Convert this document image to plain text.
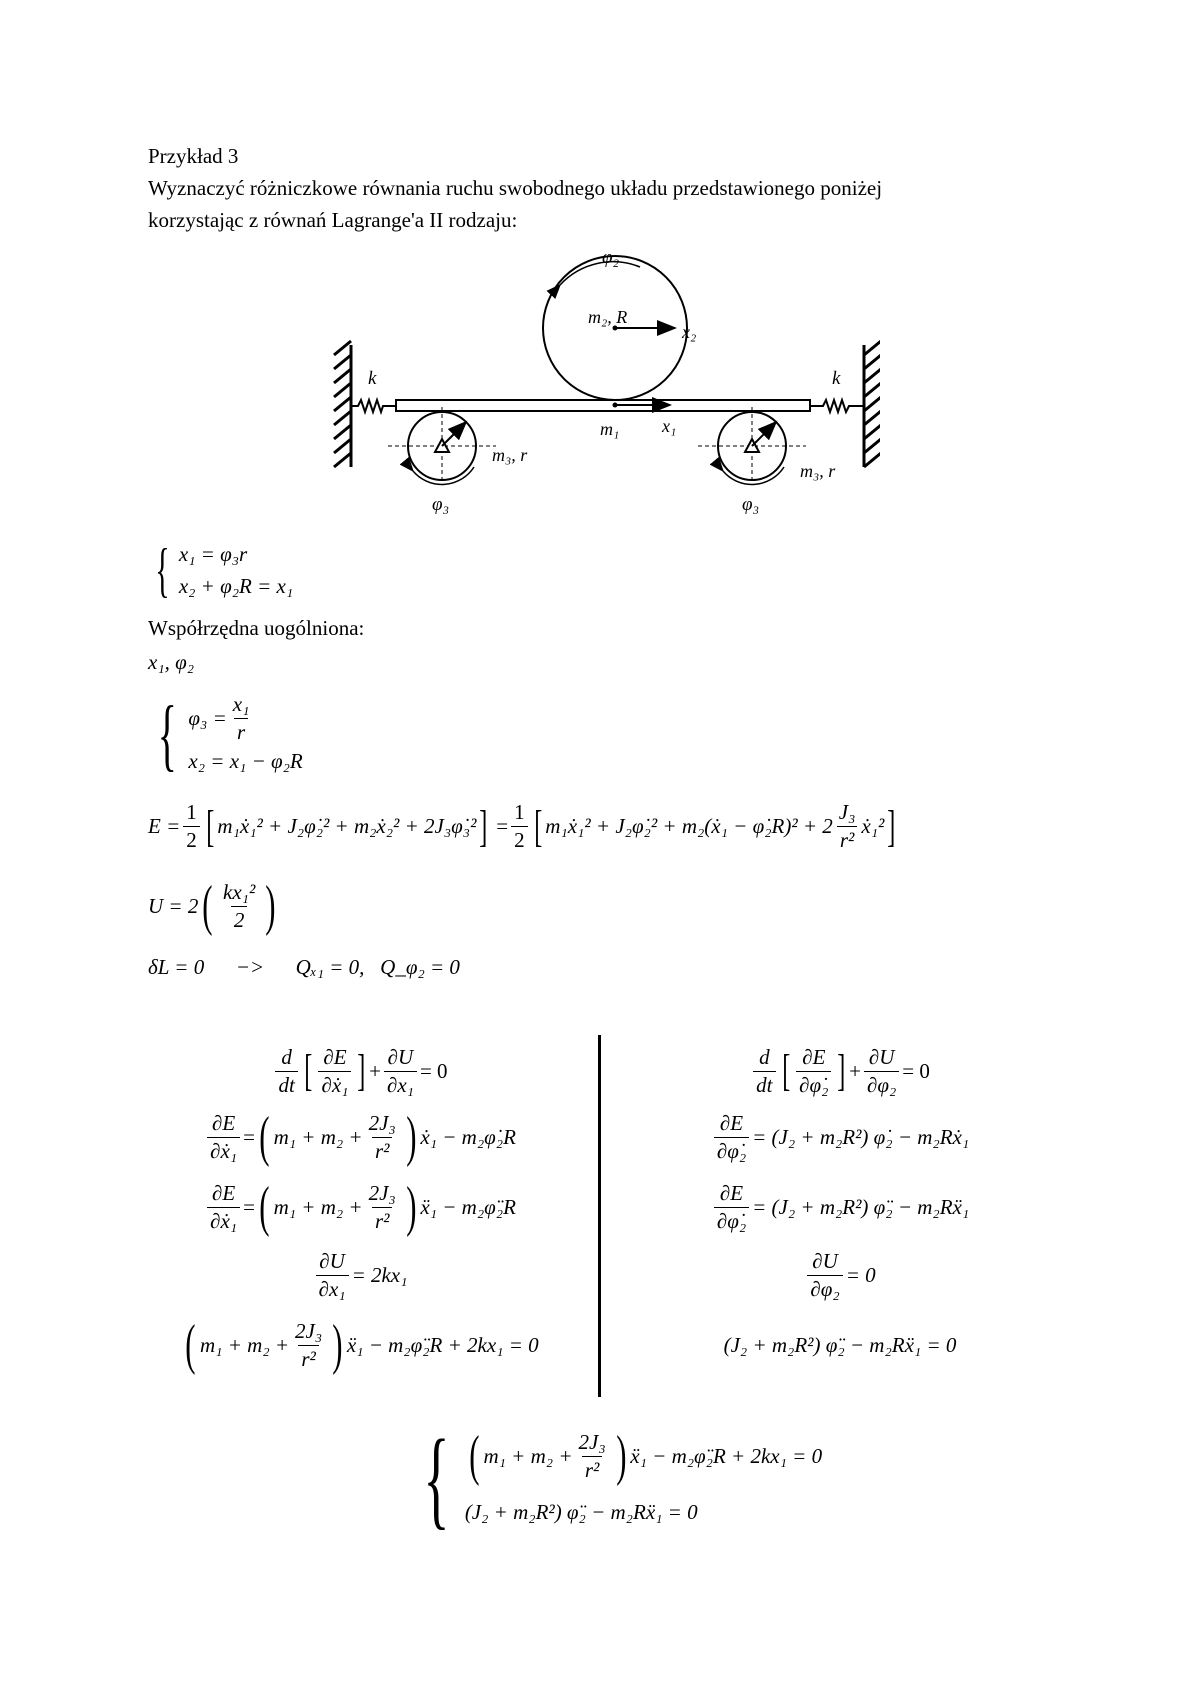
Przykład 3
Wyznaczyć różniczkowe równania ruchu swobodnego układu przedstawionego poniżej
korzystając z równań Lagrange'a II rodzaju:
φ₂
m₂, R
x₂
k	k
m₁ x₁
m₃, r
m₃, r
φ₃	φ₃
{ x₁ = φ₃r
x₂ + φ₂R = x₁
Współrzędna uogólniona:
x₁, φ₂
{ $\varphi_3 = \frac{\text{x₁}}{r}$
x₂ = x₁ − φ₂R
$E = \frac{1}{2}$ [ m₁ẋ₁² + J₂φ̇₂² + m₂ẋ₂² + 2J₃φ̇₃² ] = $\frac{1}{2}$ [ m₁ẋ₁² + J₂φ̇₂² + m₂(ẋ₁ − φ̇₂R)² + $2 \frac{\text{J₃}}{\text{r²}}$ ẋ₁² ]
U = 2 ( $\frac{\text{kx₁²}}{2}$ )
δL = 0      −>      Qₓ₁ = 0,   Q_φ₂ = 0
$\frac{d}{dt}$ [ $\frac{\partial E}{\text{∂ẋ₁}}$ ] + $\frac{\partial U}{\text{∂x₁}} = 0$
$\frac{\partial E}{\text{∂ẋ₁}}$ = ( $m_1 + m_2 + \frac{\text{2J₃}}{\text{r²}}$ ) ẋ₁ − m₂φ̇₂R
$\frac{\partial E}{\text{∂ẋ₁}}$ = ( $m_1 + m_2 + \frac{\text{2J₃}}{\text{r²}}$ ) ẍ₁ − m₂φ̈₂R
$\frac{\partial U}{\text{∂x₁}} = 2kx_1$
( $m_1 + m_2 + \frac{\text{2J₃}}{\text{r²}}$ ) ẍ₁ − m₂φ̈₂R + 2kx₁ = 0
$\frac{d}{dt}$ [ $\frac{\partial E}{\text{∂φ̇₂}}$ ] + $\frac{\partial U}{\text{∂φ₂}} = 0$
$\frac{\partial E}{\text{∂φ̇₂}} = (J_2 + m_2R^2)$ φ̇₂ − m₂Rẋ₁
$\frac{\partial E}{\text{∂φ̇₂}} = (J_2 + m_2R^2)$ φ̈₂ − m₂Rẍ₁
$\frac{\partial U}{\text{∂φ₂}} = 0$
(J₂ + m₂R²) φ̈₂ − m₂Rẍ₁ = 0
{ ( $m_1 + m_2 + \frac{\text{2J₃}}{\text{r²}}$ ) ẍ₁ − m₂φ̈₂R + 2kx₁ = 0
(J₂ + m₂R²) φ̈₂ − m₂Rẍ₁ = 0
